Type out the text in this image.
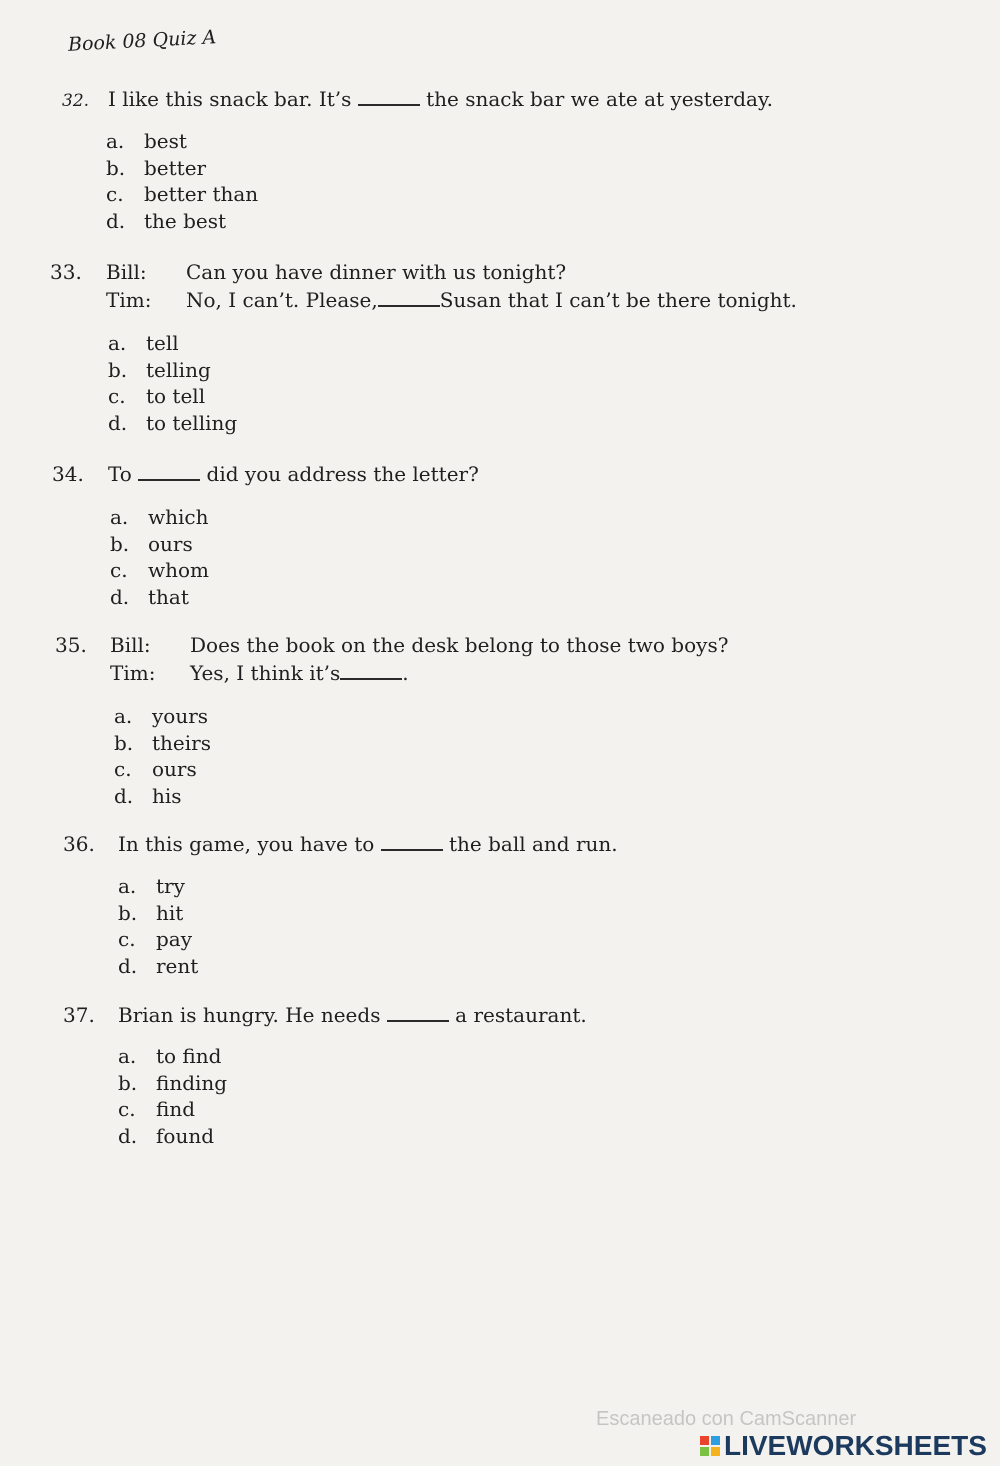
Book 08 Quiz A
32. I like this snack bar. It’s	the snack bar we ate at yesterday.
a. best
b. better
c.	better than
d. the best
33.	Bill:	Can you have dinner with us tonight?
Tim:	No, I can’t. Please,	Susan that I can’t be there tonight.
a. tell
b. telling
c.	to tell
d. to telling
34. To	did you address the letter?
a. which
b. ours
c.	whom
d. that
35.	Bill:	Does the book on the desk belong to those two boys?
Tim:	Yes, I think it’s	.
a. yours
b. theirs
c.	ours
d. his
36. In this game, you have to	the ball and run.
a. try
b. hit
c.	pay
d. rent
37. Brian is hungry. He needs	a restaurant.
a. to find
b. finding
c.	find
d. found
Escaneado con CamScanner
LIVEWORKSHEETS
